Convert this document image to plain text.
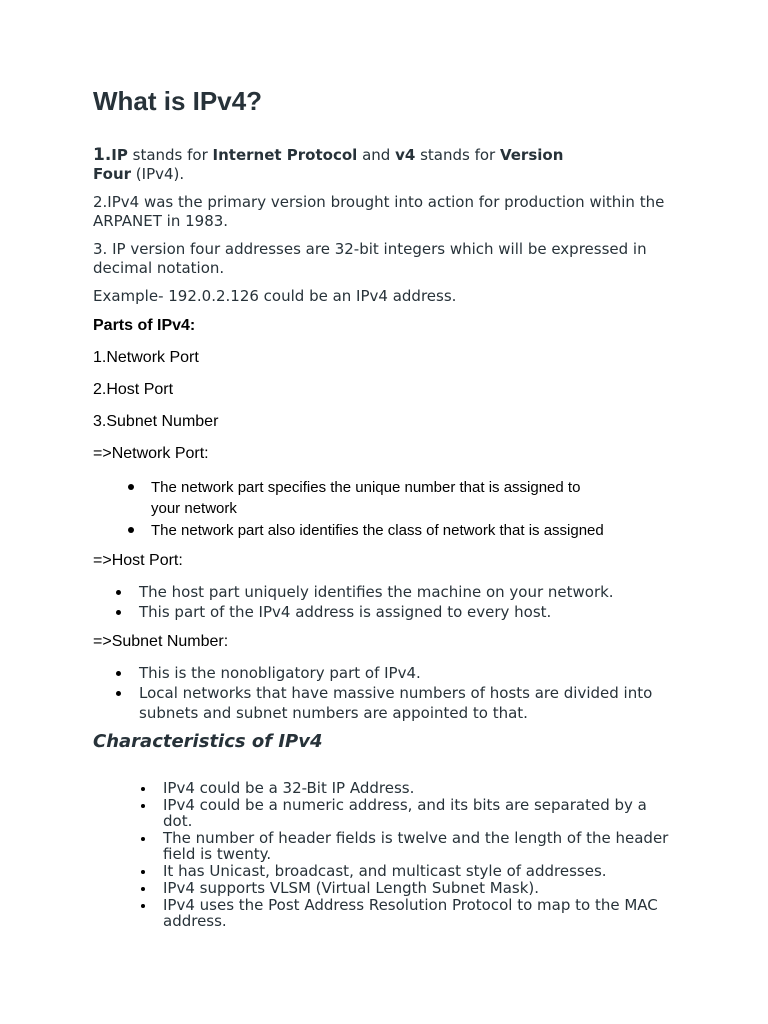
What is IPv4?

1.IP stands for Internet Protocol and v4 stands for Version
Four (IPv4).

2.IPv4 was the primary version brought into action for production within the ARPANET in 1983.

3. IP version four addresses are 32-bit integers which will be expressed in decimal notation.

Example- 192.0.2.126 could be an IPv4 address.

Parts of IPv4:

1.Network Port

2.Host Port

3.Subnet Number

=>Network Port:

The network part specifies the unique number that is assigned to your network
The network part also identifies the class of network that is assigned

=>Host Port:

The host part uniquely identifies the machine on your network.
This part of the IPv4 address is assigned to every host.

=>Subnet Number:

This is the nonobligatory part of IPv4.
Local networks that have massive numbers of hosts are divided into subnets and subnet numbers are appointed to that.
Characteristics of IPv4
IPv4 could be a 32-Bit IP Address.
IPv4 could be a numeric address, and its bits are separated by a dot.
The number of header fields is twelve and the length of the header field is twenty.
It has Unicast, broadcast, and multicast style of addresses.
IPv4 supports VLSM (Virtual Length Subnet Mask).
IPv4 uses the Post Address Resolution Protocol to map to the MAC address.
